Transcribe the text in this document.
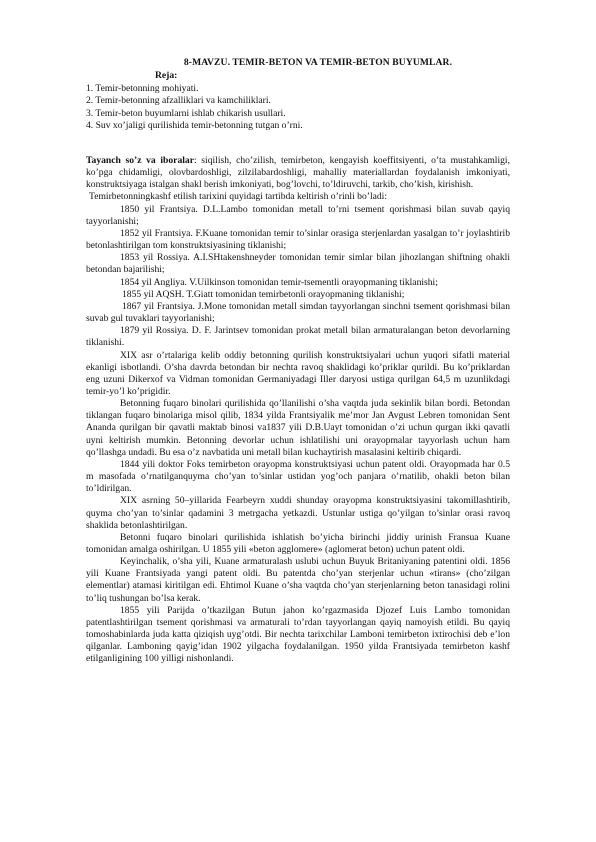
8-MAVZU. TEMIR-BETON VA TEMIR-BETON BUYUMLAR.
Reja:
1. Temir-betonning mohiyati.
2. Temir-betonning afzalliklari va kamchiliklari.
3. Temir-beton buyumlarni ishlab chikarish usullari.
4. Suv xo’jaligi qurilishida temir-betonning tutgan o’rni.

Tayanch so’z va iboralar: siqilish, cho’zilish, temirbeton, kengayish koeffitsiyenti, o’ta mustahkamligi, ko’pga chidamligi, olovbardoshligi, zilzilabardoshligi, mahalliy materiallardan foydalanish imkoniyati, konstruktsiyaga istalgan shakl berish imkoniyati, bog’lovchi, to’ldiruvchi, tarkib, cho’kish, kirishish.

Temirbetonningkashf etilish tarixini quyidagi tartibda keltirish o’rinli bo’ladi:

1850 yil Frantsiya. D.L.Lambo tomonidan metall to’rni tsement qorishmasi bilan suvab qayiq tayyorlanishi;

1852 yil Frantsiya. F.Kuane tomonidan temir to’sinlar orasiga sterjenlardan yasalgan to’r joylashtirib betonlashtirilgan tom konstruktsiyasining tiklanishi;

1853 yil Rossiya. A.I.SHtakenshneyder tomonidan temir simlar bilan jihozlangan shiftning ohakli betondan bajarilishi;

1854 yil Angliya. V.Uilkinson tomonidan temir-tsementli orayopmaning tiklanishi;

1855 yil AQSH. T.Giatt tomonidan temirbetonli orayopmaning tiklanishi;

1867 yil Frantsiya. J.Mone tomonidan metall simdan tayyorlangan sinchni tsement qorishmasi bilan suvab gul tuvaklari tayyorlanishi;

1879 yil Rossiya. D. F. Jarintsev tomonidan prokat metall bilan armaturalangan beton devorlarning tiklanishi.

XIX asr o’rtalariga kelib oddiy betonning qurilish konstruktsiyalari uchun yuqori sifatli material ekanligi isbotlandi. O’sha davrda betondan bir nechta ravoq shaklidagi ko’priklar qurildi. Bu ko’priklardan eng uzuni Dikerxof va Vidman tomonidan Germaniyadagi Iller daryosi ustiga qurilgan 64,5 m uzunlikdagi temir-yo’l ko’prigidir.

Betonning fuqaro binolari qurilishida qo’llanilishi o’sha vaqtda juda sekinlik bilan bordi. Betondan tiklangan fuqaro binolariga misol qilib, 1834 yilda Frantsiyalik me’mor Jan Avgust Lebren tomonidan Sent Ananda qurilgan bir qavatli maktab binosi va1837 yili D.B.Uayt tomonidan o’zi uchun qurgan ikki qavatli uyni keltirish mumkin. Betonning devorlar uchun ishlatilishi uni orayopmalar tayyorlash uchun ham qo’llashga undadi. Bu esa o’z navbatida uni metall bilan kuchaytirish masalasini keltirib chiqardi.

1844 yili doktor Foks temirbeton orayopma konstruktsiyasi uchun patent oldi. Orayopmada har 0.5 m masofada o’rnatilganquуma cho’yan to’sinlar ustidan yog’och panjara o’rnatilib, ohakli beton bilan to’ldirilgan.

XIX asrning 50–yillarida Fearbeyrn xuddi shunday orayopma konstruktsiyasini takomillashtirib, quyma cho’yan to’sinlar qadamini 3 metrgacha yetkazdi. Ustunlar ustiga qo’yilgan to’sinlar orasi ravoq shaklida betonlashtirilgan.

Betonni fuqaro binolari qurilishida ishlatish bo’yicha birinchi jiddiy urinish Fransua Kuane tomonidan amalga oshirilgan. U 1855 yili «beton agglomere» (aglomerat beton) uchun patent oldi.

Keyinchalik, o’sha yili, Kuane armaturalash uslubi uchun Buyuk Britaniyaning patentini oldi. 1856 yili Kuane Frantsiyada yangi patent oldi. Bu patentda cho’yan sterjenlar uchun «tirans» (cho’zilgan elementlar) atamasi kiritilgan edi. Ehtimol Kuane o’sha vaqtda cho’yan sterjenlarning beton tanasidagi rolini to’liq tushungan bo’lsa kerak.

1855 yili Parijda o’tkazilgan Butun jahon ko’rgazmasida Djozef Luis Lambo tomonidan patentlashtirilgan tsement qorishmasi va armaturali to’rdan tayyorlangan qayiq namoyish etildi. Bu qayiq tomoshabinlarda juda katta qiziqish uyg’otdi. Bir nechta tarixchilar Lamboni temirbeton ixtirochisi deb e’lon qilganlar. Lamboning qayig’idan 1902 yilgacha foydalanilgan. 1950 yilda Frantsiyada temirbeton kashf etilganligining 100 yilligi nishonlandi.
